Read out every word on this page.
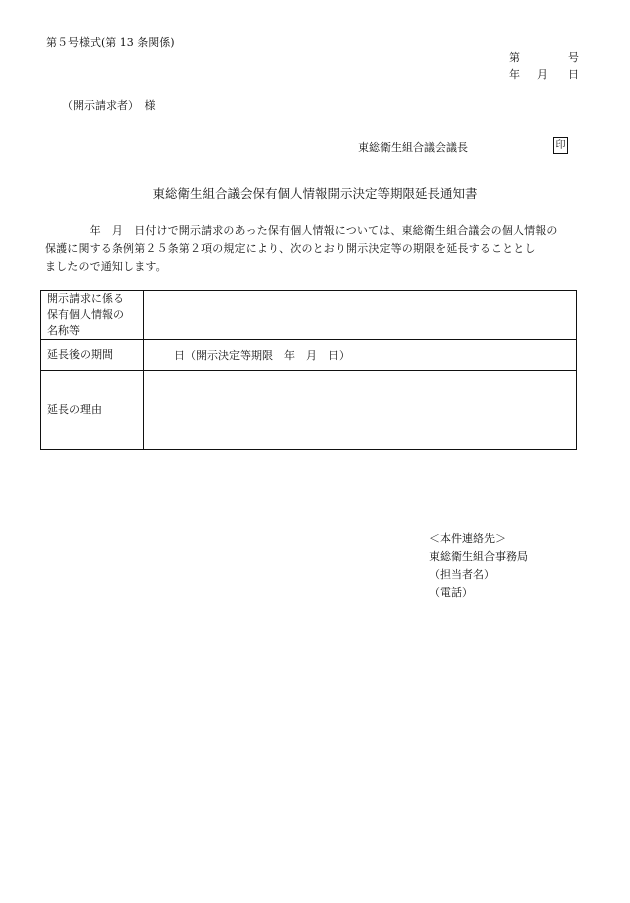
第５号様式(第 13 条関係)
第	号
年 月 日
（開示請求者）　様
東総衛生組合議会議長	印
東総衛生組合議会保有個人情報開示決定等期限延長通知書
　　　　年　月　日付けで開示請求のあった保有個人情報については、東総衛生組合議会の個人情報の
保護に関する条例第２５条第２項の規定により、次のとおり開示決定等の期限を延長することとし
ましたので通知します。
開示請求に係る
保有個人情報の
名称等	

延長後の期間	日（開示決定等期限　年　月　日）
延長の理由	
＜本件連絡先＞
東総衛生組合事務局
（担当者名）
（電話）
